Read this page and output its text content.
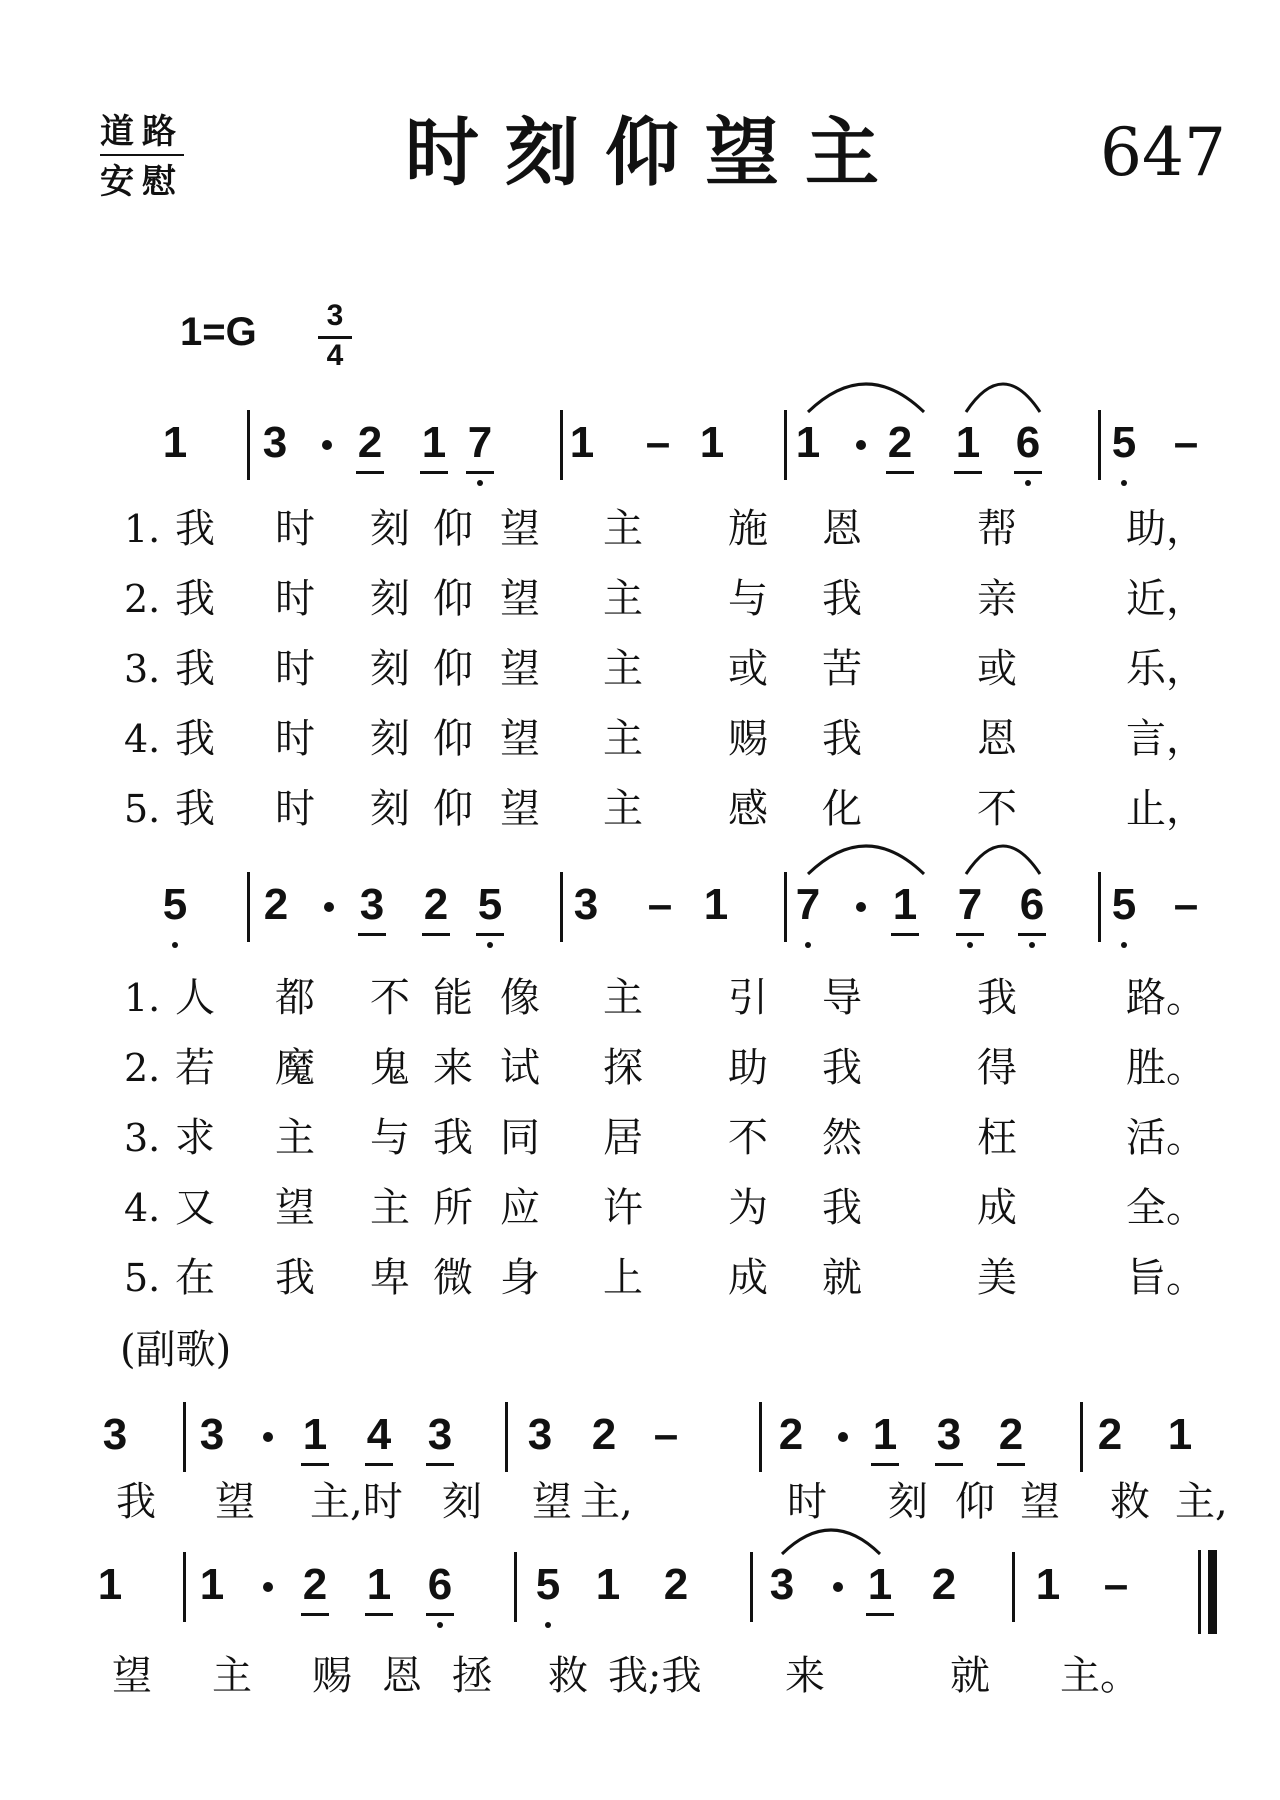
道路
安慰	时刻仰望主	647
1=G	3
4
(副歌)
1 3 2 1 7 1 – 1 1 2 1 6 5 –
5 2 3 2 5 3 – 1 7 1 7 6 5 –
3 3 1 4 3 3 2 – 2 1 3 2 2 1
1 1 2 1 6 5 1 2 3 1 2 1 –
1. 我 时 刻 仰 望 主 施 恩	帮	助，
2. 我 时 刻 仰 望 主 与 我	亲	近，
3. 我 时 刻 仰 望 主 或 苦	或	乐，
4. 我 时 刻 仰 望 主 赐 我	恩	言，
5. 我 时 刻 仰 望 主 感 化	不	止，
1. 人 都 不 能 像 主 引 导	我	路。
2. 若 魔 鬼 来 试 探 助 我	得	胜。
3. 求 主 与 我 同 居 不 然	枉	活。
4. 又 望 主 所 应 许 为 我	成	全。
5. 在 我 卑 微 身 上 成 就	美	旨。
我 望 主,时 刻 望 主,	时 刻 仰 望 救 主,
望 主 赐 恩 拯 救 我;我 来	就 主。
